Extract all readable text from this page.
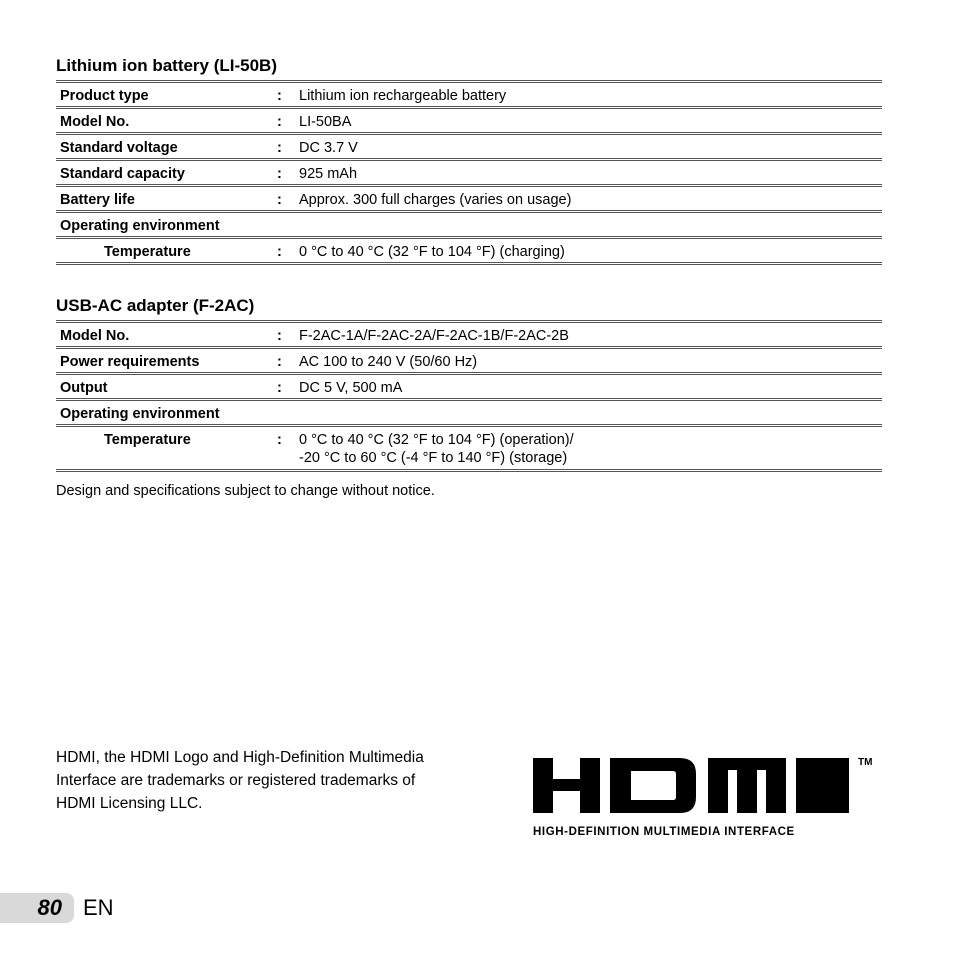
Lithium ion battery (LI-50B)
Product type	: Lithium ion rechargeable battery
Model No.	: LI-50BA
Standard voltage	: DC 3.7 V
Standard capacity	: 925 mAh
Battery life	: Approx. 300 full charges (varies on usage)
Operating environment
Temperature	: 0 °C to 40 °C (32 °F to 104 °F) (charging)
USB-AC adapter (F-2AC)
Model No.	: F-2AC-1A/F-2AC-2A/F-2AC-1B/F-2AC-2B
Power requirements	: AC 100 to 240 V (50/60 Hz)
Output	: DC 5 V, 500 mA
Operating environment
Temperature	: 0 °C to 40 °C (32 °F to 104 °F) (operation)/
-20 °C to 60 °C (-4 °F to 140 °F) (storage)
Design and specifications subject to change without notice.
HDMI, the HDMI Logo and High-Definition Multimedia
Interface are trademarks or registered trademarks of
HDMI Licensing LLC.
TM
HIGH-DEFINITION MULTIMEDIA INTERFACE
80 EN
